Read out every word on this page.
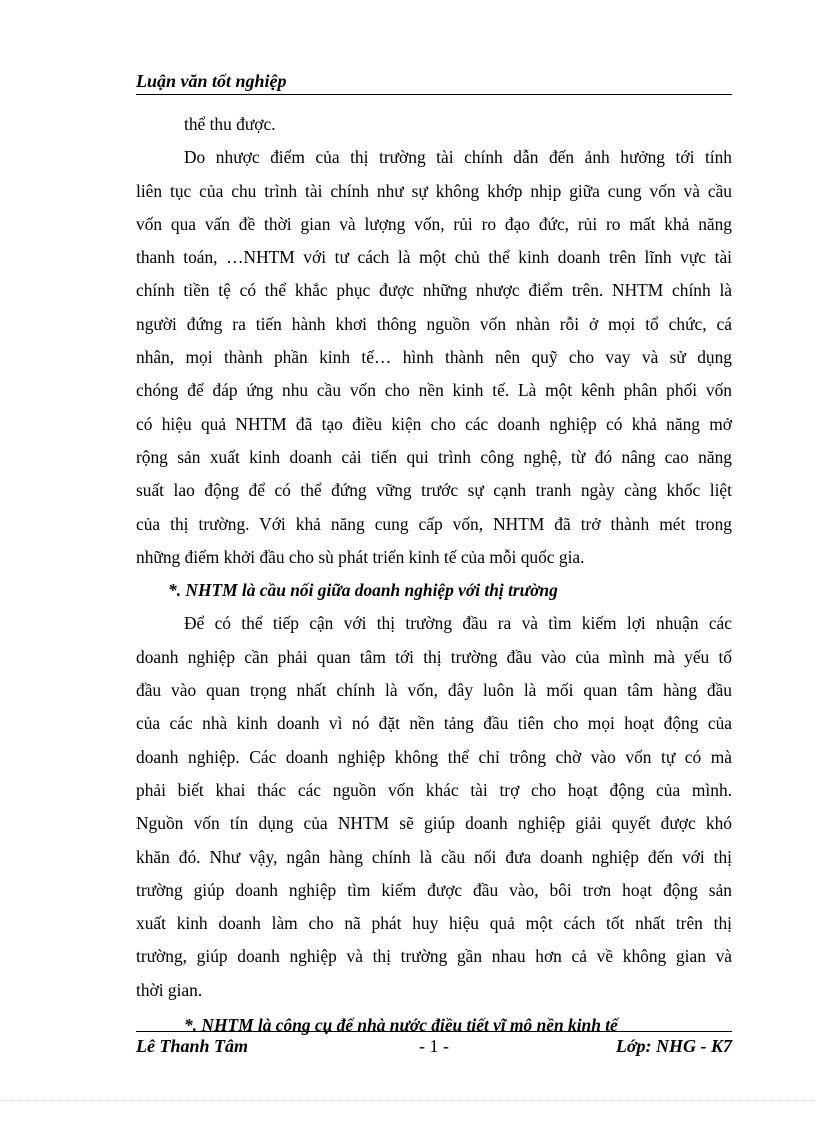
Luận văn tốt nghiệp
thể thu được.
Do nhược điểm của thị trường tài chính dẫn đến ảnh hưởng tới tính
liên tục của chu trình tài chính như sự không khớp nhịp giữa cung vốn và cầu
vốn qua vấn đề thời gian và lượng vốn, rủi ro đạo đức, rủi ro mất khả năng
thanh toán, …NHTM với tư cách là một chủ thể kinh doanh trên lĩnh vực tài
chính tiền tệ có thể khắc phục được những nhược điểm trên. NHTM chính là
người đứng ra tiến hành khơi thông nguồn vốn nhàn rỗi ở mọi tổ chức, cá
nhân, mọi thành phần kinh tế… hình thành nên quỹ cho vay và sử dụng
chóng để đáp ứng nhu cầu vốn cho nền kinh tế. Là một kênh phân phối vốn
có hiệu quả NHTM đã tạo điều kiện cho các doanh nghiệp có khả năng mở
rộng sản xuất kinh doanh cải tiến qui trình công nghệ, từ đó nâng cao năng
suất lao động để có thể đứng vững trước sự cạnh tranh ngày càng khốc liệt
của thị trường. Với khả năng cung cấp vốn, NHTM đã trở thành mét trong
những điểm khởi đầu cho sù phát triển kinh tế của mỗi quốc gia.
*. NHTM là cầu nối giữa doanh nghiệp với thị trường
Để có thể tiếp cận với thị trường đầu ra và tìm kiếm lợi nhuận các
doanh nghiệp cần phải quan tâm tới thị trường đầu vào của mình mà yếu tố
đầu vào quan trọng nhất chính là vốn, đây luôn là mối quan tâm hàng đầu
của các nhà kinh doanh vì nó đặt nền tảng đầu tiên cho mọi hoạt động của
doanh nghiệp. Các doanh nghiệp không thể chỉ trông chờ vào vốn tự có mà
phải biết khai thác các nguồn vốn khác tài trợ cho hoạt động của mình.
Nguồn vốn tín dụng của NHTM sẽ giúp doanh nghiệp giải quyết được khó
khăn đó. Như vậy, ngân hàng chính là cầu nối đưa doanh nghiệp đến với thị
trường giúp doanh nghiệp tìm kiếm được đầu vào, bôi trơn hoạt động sản
xuất kinh doanh làm cho nã phát huy hiệu quả một cách tốt nhất trên thị
trường, giúp doanh nghiệp và thị trường gần nhau hơn cả về không gian và
thời gian.
*. NHTM là công cụ để nhà nước điều tiết vĩ mô nền kinh tế
Lê Thanh Tâm	- 1 -	Lớp: NHG - K7
